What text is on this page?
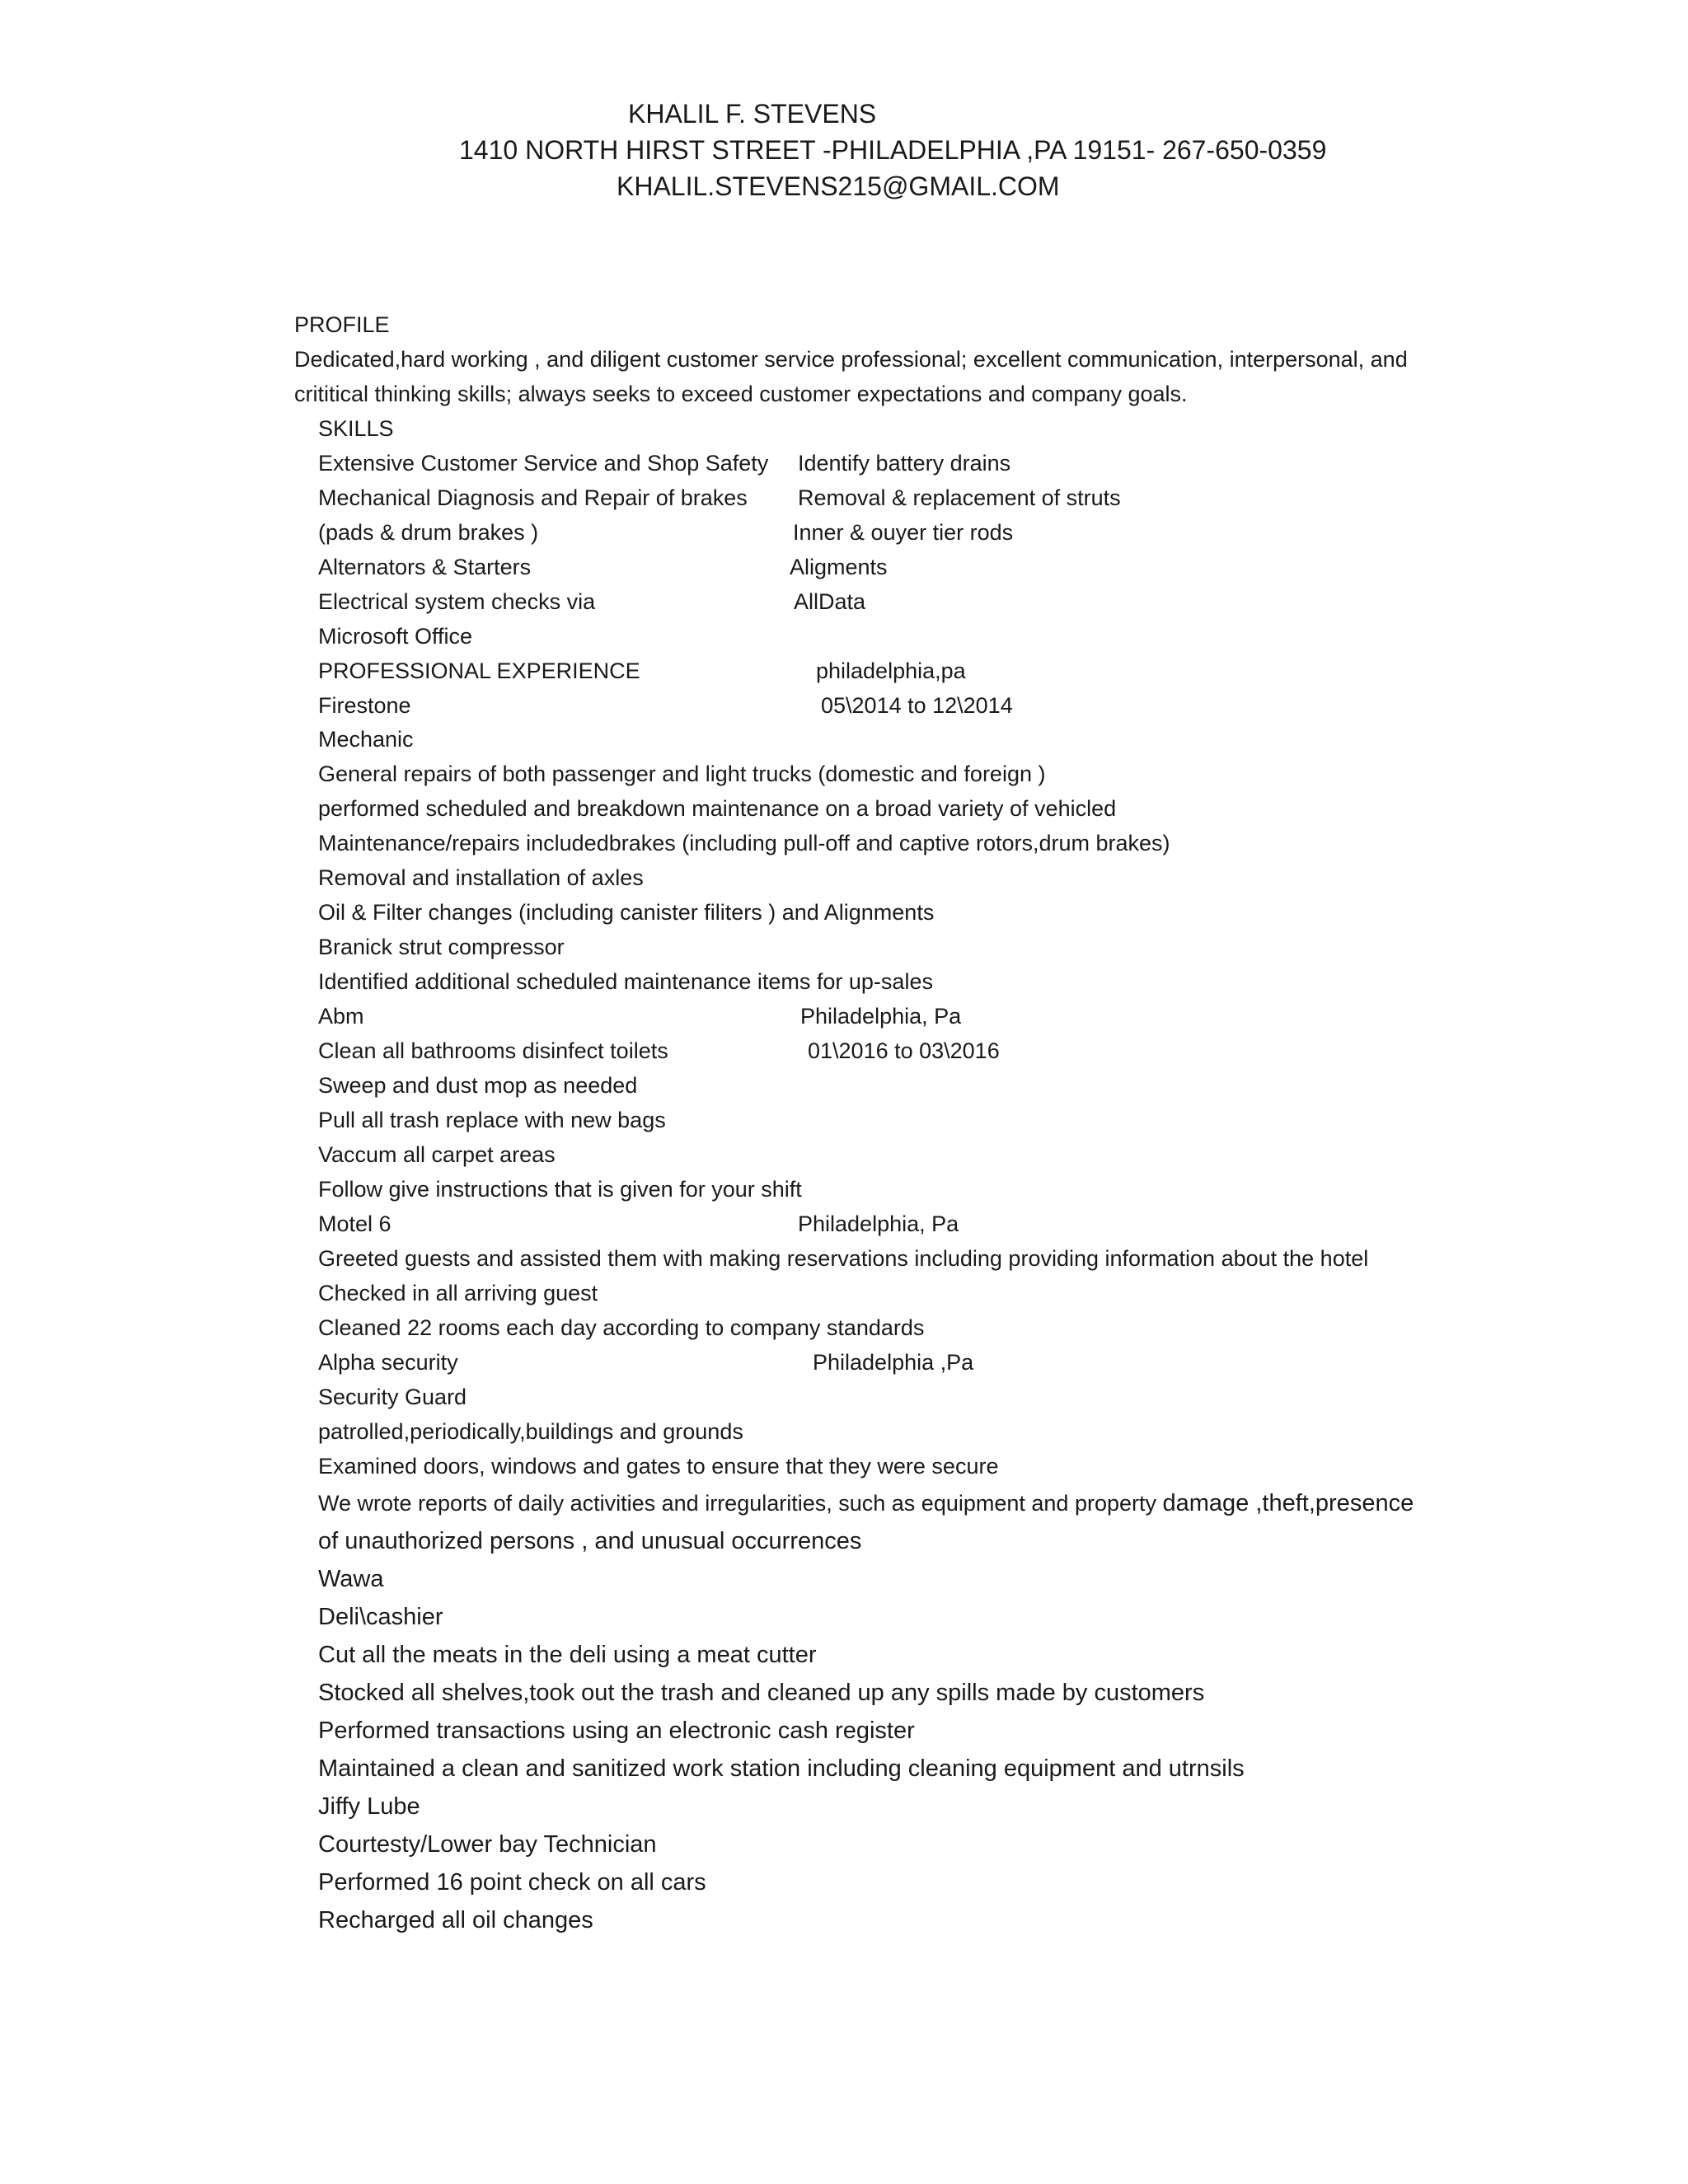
KHALIL F. STEVENS
1410 NORTH HIRST STREET -PHILADELPHIA ,PA 19151- 267-650-0359
KHALIL.STEVENS215@GMAIL.COM
PROFILE
Dedicated,hard working , and diligent customer service professional; excellent communication, interpersonal, and
crititical thinking skills; always seeks to exceed customer expectations and company goals.
SKILLS
Extensive Customer Service and Shop Safety Identify battery drains
Mechanical Diagnosis and Repair of brakes Removal & replacement of struts
(pads & drum brakes )	Inner & ouyer tier rods
Alternators & Starters	Aligments
Electrical system checks via	AllData
Microsoft Office
PROFESSIONAL EXPERIENCE	philadelphia,pa
Firestone	05\2014 to 12\2014
Mechanic
General repairs of both passenger and light trucks (domestic and foreign )
performed scheduled and breakdown maintenance on a broad variety of vehicled
Maintenance/repairs includedbrakes (including pull-off and captive rotors,drum brakes)
Removal and installation of axles
Oil & Filter changes (including canister filiters ) and Alignments
Branick strut compressor
Identified additional scheduled maintenance items for up-sales
Abm	Philadelphia, Pa
Clean all bathrooms disinfect toilets	01\2016 to 03\2016
Sweep and dust mop as needed
Pull all trash replace with new bags
Vaccum all carpet areas
Follow give instructions that is given for your shift
Motel 6	Philadelphia, Pa
Greeted guests and assisted them with making reservations including providing information about the hotel
Checked in all arriving guest
Cleaned 22 rooms each day according to company standards
Alpha security	Philadelphia ,Pa
Security Guard
patrolled,periodically,buildings and grounds
Examined doors, windows and gates to ensure that they were secure
We wrote reports of daily activities and irregularities, such as equipment and property damage ,theft,presence
of unauthorized persons , and unusual occurrences
Wawa
Deli\cashier
Cut all the meats in the deli using a meat cutter
Stocked all shelves,took out the trash and cleaned up any spills made by customers
Performed transactions using an electronic cash register
Maintained a clean and sanitized work station including cleaning equipment and utrnsils
Jiffy Lube
Courtesty/Lower bay Technician
Performed 16 point check on all cars
Recharged all oil changes
